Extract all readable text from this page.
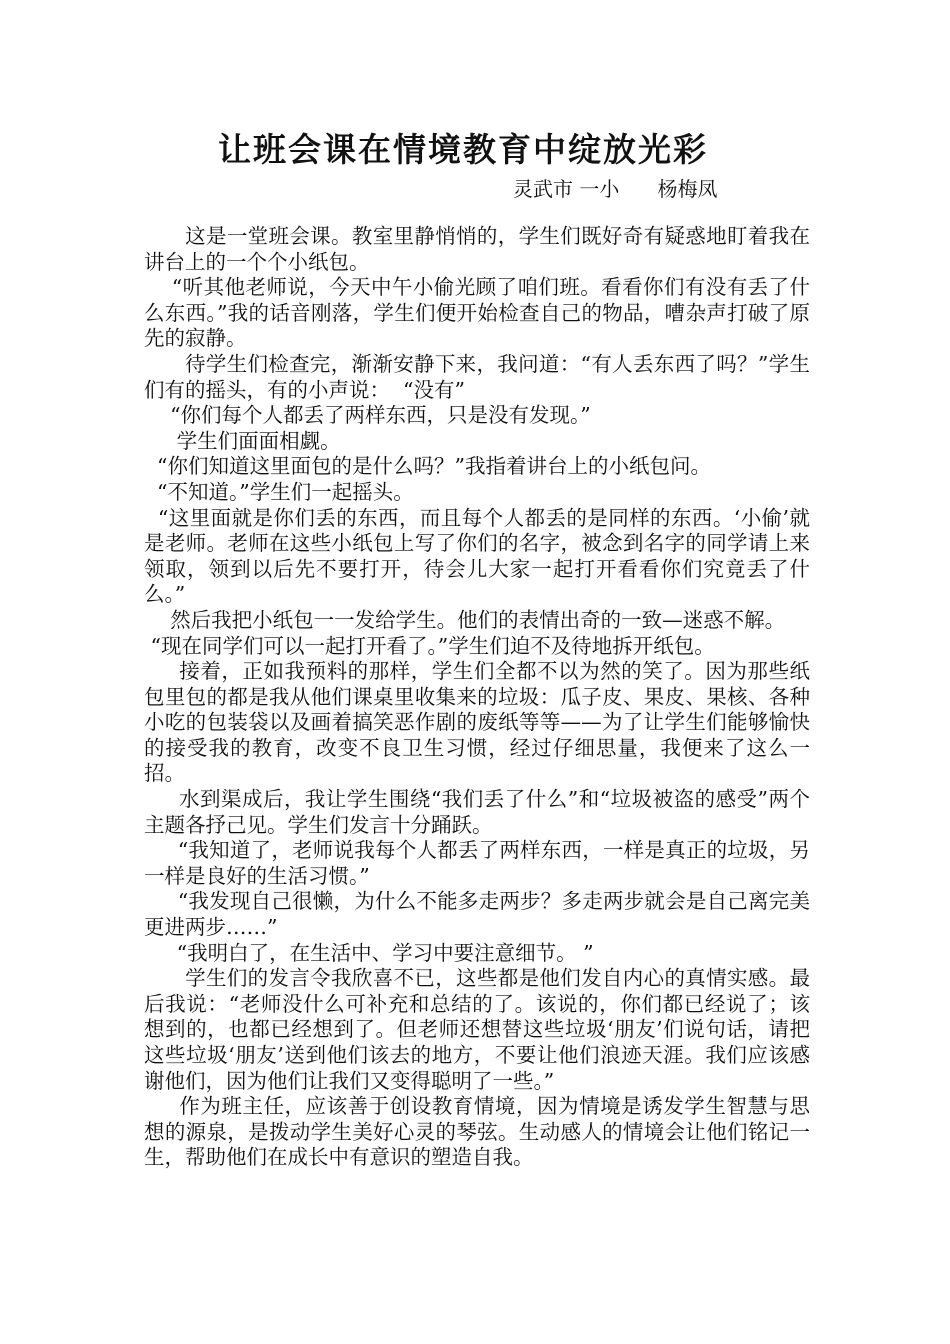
让班会课在情境教育中绽放光彩
灵武市 一小      杨梅凤

这是一堂班会课。教室里静悄悄的，学生们既好奇有疑惑地盯着我在讲台上的一个个小纸包。

“听其他老师说，今天中午小偷光顾了咱们班。看看你们有没有丢了什么东西。”我的话音刚落，学生们便开始检查自己的物品，嘈杂声打破了原先的寂静。

待学生们检查完，渐渐安静下来，我问道：“有人丢东西了吗？”学生们有的摇头，有的小声说：  “没有”

“你们每个人都丢了两样东西，只是没有发现。”

学生们面面相觑。

“你们知道这里面包的是什么吗？”我指着讲台上的小纸包问。

“不知道。”学生们一起摇头。

“这里面就是你们丢的东西，而且每个人都丢的是同样的东西。‘小偷’就是老师。老师在这些小纸包上写了你们的名字，被念到名字的同学请上来领取，领到以后先不要打开，待会儿大家一起打开看看你们究竟丢了什么。”

然后我把小纸包一一发给学生。他们的表情出奇的一致—迷惑不解。

“现在同学们可以一起打开看了。”学生们迫不及待地拆开纸包。

接着，正如我预料的那样，学生们全都不以为然的笑了。因为那些纸包里包的都是我从他们课桌里收集来的垃圾：瓜子皮、果皮、果核、各种小吃的包装袋以及画着搞笑恶作剧的废纸等等——为了让学生们能够愉快的接受我的教育，改变不良卫生习惯，经过仔细思量，我便来了这么一招。

水到渠成后，我让学生围绕“我们丢了什么”和“垃圾被盗的感受”两个主题各抒己见。学生们发言十分踊跃。

“我知道了，老师说我每个人都丢了两样东西，一样是真正的垃圾，另一样是良好的生活习惯。”

“我发现自己很懒，为什么不能多走两步？多走两步就会是自己离完美更进两步……”

“我明白了，在生活中、学习中要注意细节。 ”

学生们的发言令我欣喜不已，这些都是他们发自内心的真情实感。最后我说：“老师没什么可补充和总结的了。该说的，你们都已经说了；该想到的，也都已经想到了。但老师还想替这些垃圾‘朋友’们说句话，请把这些垃圾‘朋友’送到他们该去的地方，不要让他们浪迹天涯。我们应该感谢他们，因为他们让我们又变得聪明了一些。”

作为班主任，应该善于创设教育情境，因为情境是诱发学生智慧与思想的源泉，是拨动学生美好心灵的琴弦。生动感人的情境会让他们铭记一生，帮助他们在成长中有意识的塑造自我。
